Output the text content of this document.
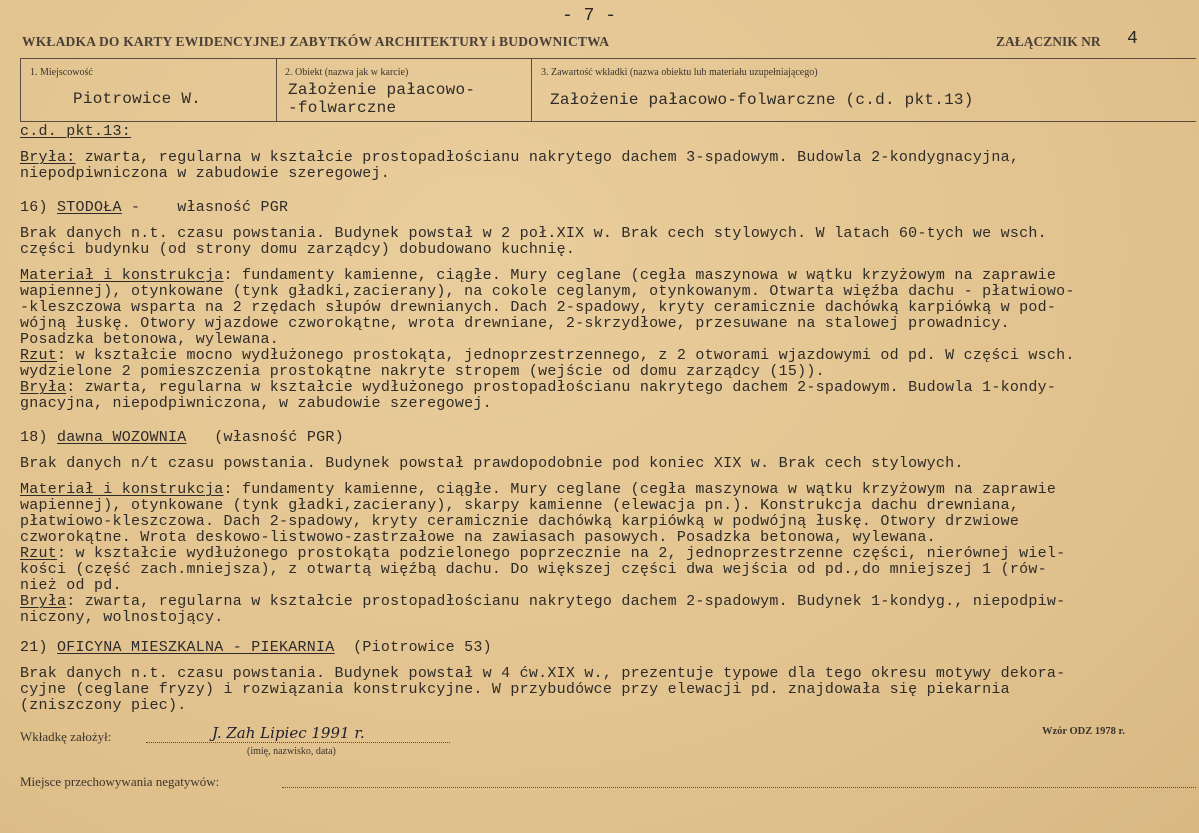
- 7 -
WKŁADKA DO KARTY EWIDENCYJNEJ ZABYTKÓW ARCHITEKTURY i BUDOWNICTWA	ZAŁĄCZNIK NR 4
1. Miejscowość
Piotrowice W.
2. Obiekt (nazwa jak w karcie)
Założenie pałacowo-
-folwarczne
3. Zawartość wkładki (nazwa obiektu lub materiału uzupełniającego)
Założenie pałacowo-folwarczne (c.d. pkt.13)
c.d. pkt.13:
Bryła: zwarta, regularna w kształcie prostopadłościanu nakrytego dachem 3-spadowym. Budowla 2-kondygnacyjna,
niepodpiwniczona w zabudowie szeregowej.
16) STODOŁA -    własność PGR
Brak danych n.t. czasu powstania. Budynek powstał w 2 poł.XIX w. Brak cech stylowych. W latach 60-tych we wsch.
części budynku (od strony domu zarządcy) dobudowano kuchnię.
Materiał i konstrukcja: fundamenty kamienne, ciągłe. Mury ceglane (cegła maszynowa w wątku krzyżowym na zaprawie
wapiennej), otynkowane (tynk gładki,zacierany), na cokole ceglanym, otynkowanym. Otwarta więźba dachu - płatwiowo-
-kleszczowa wsparta na 2 rzędach słupów drewnianych. Dach 2-spadowy, kryty ceramicznie dachówką karpiówką w pod-
wójną łuskę. Otwory wjazdowe czworokątne, wrota drewniane, 2-skrzydłowe, przesuwane na stalowej prowadnicy.
Posadzka betonowa, wylewana.
Rzut: w kształcie mocno wydłużonego prostokąta, jednoprzestrzennego, z 2 otworami wjazdowymi od pd. W części wsch.
wydzielone 2 pomieszczenia prostokątne nakryte stropem (wejście od domu zarządcy (15)).
Bryła: zwarta, regularna w kształcie wydłużonego prostopadłościanu nakrytego dachem 2-spadowym. Budowla 1-kondy-
gnacyjna, niepodpiwniczona, w zabudowie szeregowej.
18) dawna WOZOWNIA   (własność PGR)
Brak danych n/t czasu powstania. Budynek powstał prawdopodobnie pod koniec XIX w. Brak cech stylowych.
Materiał i konstrukcja: fundamenty kamienne, ciągłe. Mury ceglane (cegła maszynowa w wątku krzyżowym na zaprawie
wapiennej), otynkowane (tynk gładki,zacierany), skarpy kamienne (elewacja pn.). Konstrukcja dachu drewniana,
płatwiowo-kleszczowa. Dach 2-spadowy, kryty ceramicznie dachówką karpiówką w podwójną łuskę. Otwory drzwiowe
czworokątne. Wrota deskowo-listwowo-zastrzałowe na zawiasach pasowych. Posadzka betonowa, wylewana.
Rzut: w kształcie wydłużonego prostokąta podzielonego poprzecznie na 2, jednoprzestrzenne części, nierównej wiel-
kości (część zach.mniejsza), z otwartą więźbą dachu. Do większej części dwa wejścia od pd.,do mniejszej 1 (rów-
nież od pd.
Bryła: zwarta, regularna w kształcie prostopadłościanu nakrytego dachem 2-spadowym. Budynek 1-kondyg., niepodpiw-
niczony, wolnostojący.
21) OFICYNA MIESZKALNA - PIEKARNIA  (Piotrowice 53)
Brak danych n.t. czasu powstania. Budynek powstał w 4 ćw.XIX w., prezentuje typowe dla tego okresu motywy dekora-
cyjne (ceglane fryzy) i rozwiązania konstrukcyjne. W przybudówce przy elewacji pd. znajdowała się piekarnia
(zniszczony piec).
Wkładkę założył:	J. Zah Lipiec 1991 r.
(imię, nazwisko, data)
Wzór ODZ 1978 r.
Miejsce przechowywania negatywów:
